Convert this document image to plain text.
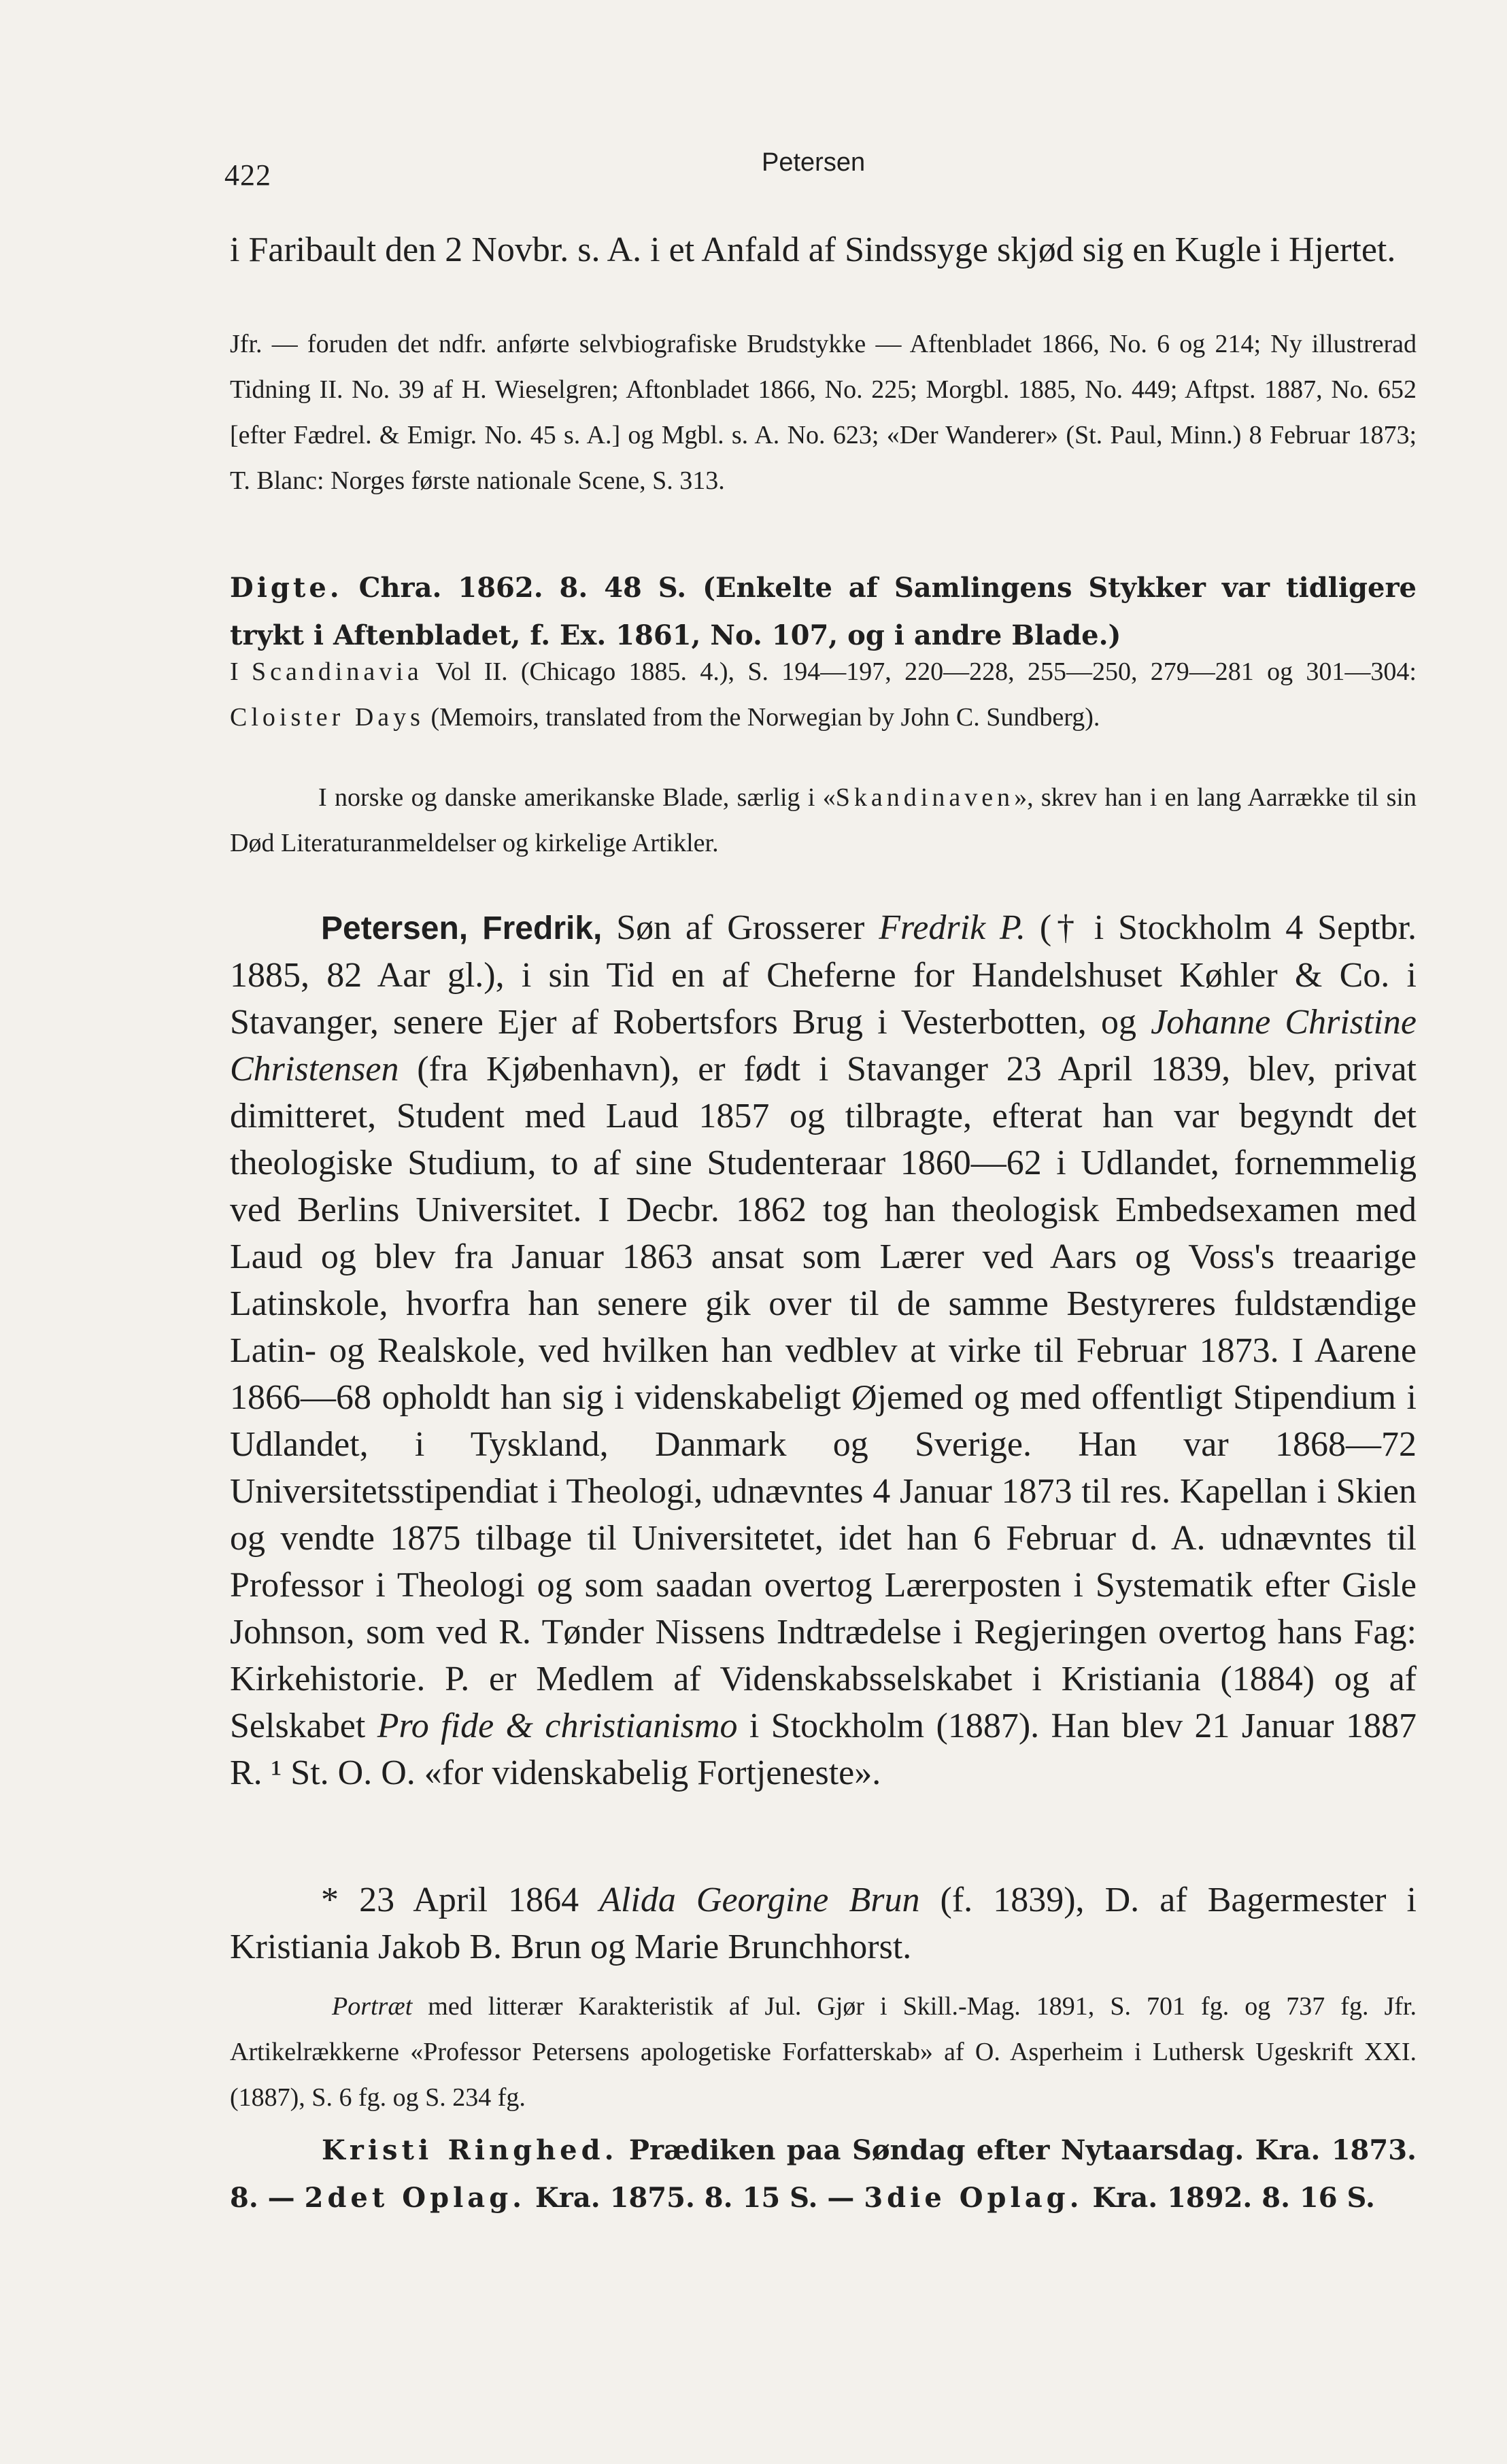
422	Petersen

i Faribault den 2 Novbr. s. A. i et Anfald af Sindssyge skjød sig en Kugle i Hjertet.

Jfr. — foruden det ndfr. anførte selvbiografiske Brudstykke — Aftenbladet 1866, No. 6 og 214; Ny illustrerad Tidning II. No. 39 af H. Wieselgren; Aftonbladet 1866, No. 225; Morgbl. 1885, No. 449; Aftpst. 1887, No. 652 [efter Fædrel. & Emigr. No. 45 s. A.] og Mgbl. s. A. No. 623; «Der Wanderer» (St. Paul, Minn.) 8 Februar 1873; T. Blanc: Norges første nationale Scene, S. 313.

Digte. Chra. 1862. 8. 48 S. (Enkelte af Samlingens Stykker var tidligere trykt i Aftenbladet, f. Ex. 1861, No. 107, og i andre Blade.)

I Scandinavia Vol II. (Chicago 1885. 4.), S. 194—197, 220—228, 255—250, 279—281 og 301—304: Cloister Days (Memoirs, translated from the Norwegian by John C. Sundberg).

I norske og danske amerikanske Blade, særlig i «Skandinaven», skrev han i en lang Aarrække til sin Død Literaturanmeldelser og kirkelige Artikler.

Petersen, Fredrik, Søn af Grosserer Fredrik P. († i Stockholm 4 Septbr. 1885, 82 Aar gl.), i sin Tid en af Cheferne for Handelshuset Køhler & Co. i Stavanger, senere Ejer af Robertsfors Brug i Vesterbotten, og Johanne Christine Christensen (fra Kjøbenhavn), er født i Stavanger 23 April 1839, blev, privat dimitteret, Student med Laud 1857 og tilbragte, efterat han var begyndt det theologiske Studium, to af sine Studenteraar 1860—62 i Udlandet, fornemmelig ved Berlins Universitet. I Decbr. 1862 tog han theologisk Embedsexamen med Laud og blev fra Januar 1863 ansat som Lærer ved Aars og Voss's treaarige Latinskole, hvorfra han senere gik over til de samme Bestyreres fuldstændige Latin- og Realskole, ved hvilken han vedblev at virke til Februar 1873. I Aarene 1866—68 opholdt han sig i videnskabeligt Øjemed og med offentligt Stipendium i Udlandet, i Tyskland, Danmark og Sverige. Han var 1868—72 Universitetsstipendiat i Theologi, udnævntes 4 Januar 1873 til res. Kapellan i Skien og vendte 1875 tilbage til Universitetet, idet han 6 Februar d. A. udnævntes til Professor i Theologi og som saadan overtog Lærerposten i Systematik efter Gisle Johnson, som ved R. Tønder Nissens Indtrædelse i Regjeringen overtog hans Fag: Kirkehistorie. P. er Medlem af Videnskabsselskabet i Kristiania (1884) og af Selskabet Pro fide & christianismo i Stockholm (1887). Han blev 21 Januar 1887 R. ¹ St. O. O. «for videnskabelig Fortjeneste».

* 23 April 1864 Alida Georgine Brun (f. 1839), D. af Bagermester i Kristiania Jakob B. Brun og Marie Brunchhorst.

Portræt med litterær Karakteristik af Jul. Gjør i Skill.-Mag. 1891, S. 701 fg. og 737 fg. Jfr. Artikelrækkerne «Professor Petersens apologetiske Forfatterskab» af O. Asperheim i Luthersk Ugeskrift XXI. (1887), S. 6 fg. og S. 234 fg.

Kristi Ringhed. Prædiken paa Søndag efter Nytaarsdag. Kra. 1873. 8. — 2det Oplag. Kra. 1875. 8. 15 S. — 3die Oplag. Kra. 1892. 8. 16 S.
